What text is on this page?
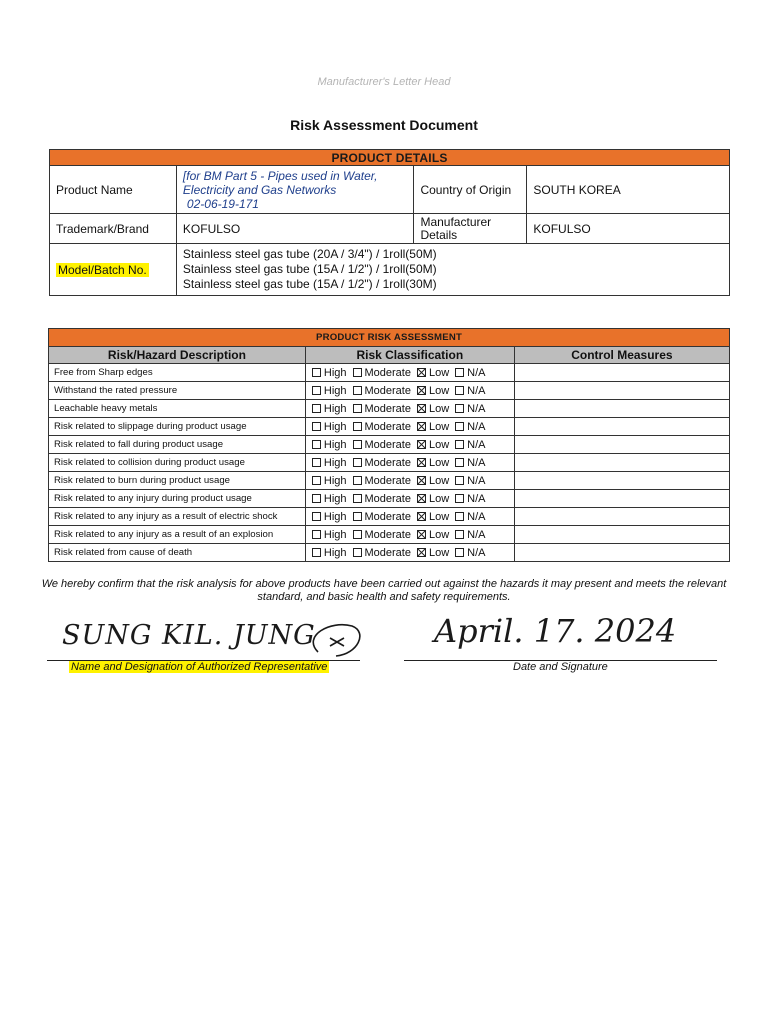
Manufacturer's Letter Head
Risk Assessment Document
PRODUCT DETAILS			
Product Name	[for BM Part 5 - Pipes used in Water, Electricity and Gas Networks
02-06-19-171	Country of Origin	SOUTH KOREA
Trademark/Brand	KOFULSO	Manufacturer Details	KOFULSO
Model/Batch No.	Stainless steel gas tube (20A / 3/4") / 1roll(50M)
Stainless steel gas tube (15A / 1/2") / 1roll(50M)
Stainless steel gas tube (15A / 1/2") / 1roll(30M)		
PRODUCT RISK ASSESSMENT		
Risk/Hazard Description	Risk Classification	Control Measures
Free from Sharp edges	High Moderate Low N/A	
Withstand the rated pressure	High Moderate Low N/A	
Leachable heavy metals	High Moderate Low N/A	
Risk related to slippage during product usage	High Moderate Low N/A	
Risk related to fall during product usage	High Moderate Low N/A	
Risk related to collision during product usage	High Moderate Low N/A	
Risk related to burn during product usage	High Moderate Low N/A	
Risk related to any injury during product usage	High Moderate Low N/A	
Risk related to any injury as a result of electric shock	High Moderate Low N/A	
Risk related to any injury as a result of an explosion	High Moderate Low N/A	
Risk related from cause of death	High Moderate Low N/A	
We hereby confirm that the risk analysis for above products have been carried out against the hazards it may present and meets the relevant standard, and basic health and safety requirements.
SUNG KIL. JUNG
Name and Designation of Authorized Representative
April. 17. 2024
Date and Signature
